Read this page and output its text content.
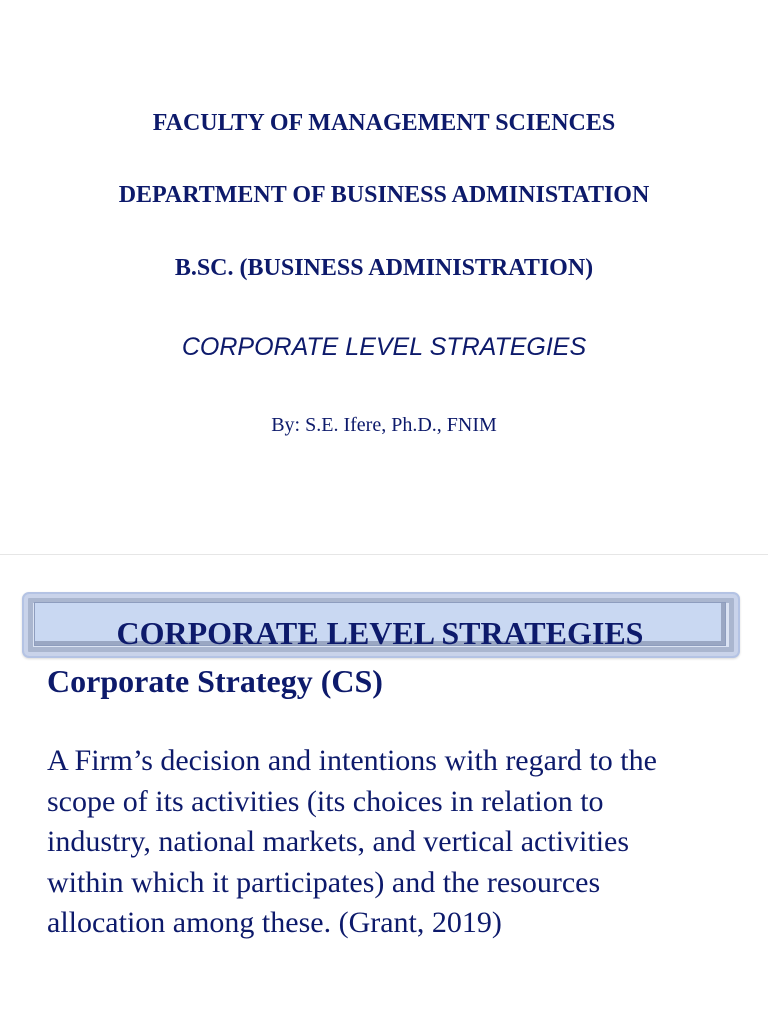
FACULTY OF MANAGEMENT SCIENCES
DEPARTMENT OF BUSINESS ADMINISTATION
B.SC. (BUSINESS ADMINISTRATION)
CORPORATE LEVEL STRATEGIES
By: S.E. Ifere, Ph.D., FNIM
CORPORATE LEVEL STRATEGIES
Corporate Strategy (CS)
A Firm’s decision and intentions with regard to the
scope of its activities (its choices in relation to
industry, national markets, and vertical activities
within which it participates) and the resources
allocation among these. (Grant, 2019)
